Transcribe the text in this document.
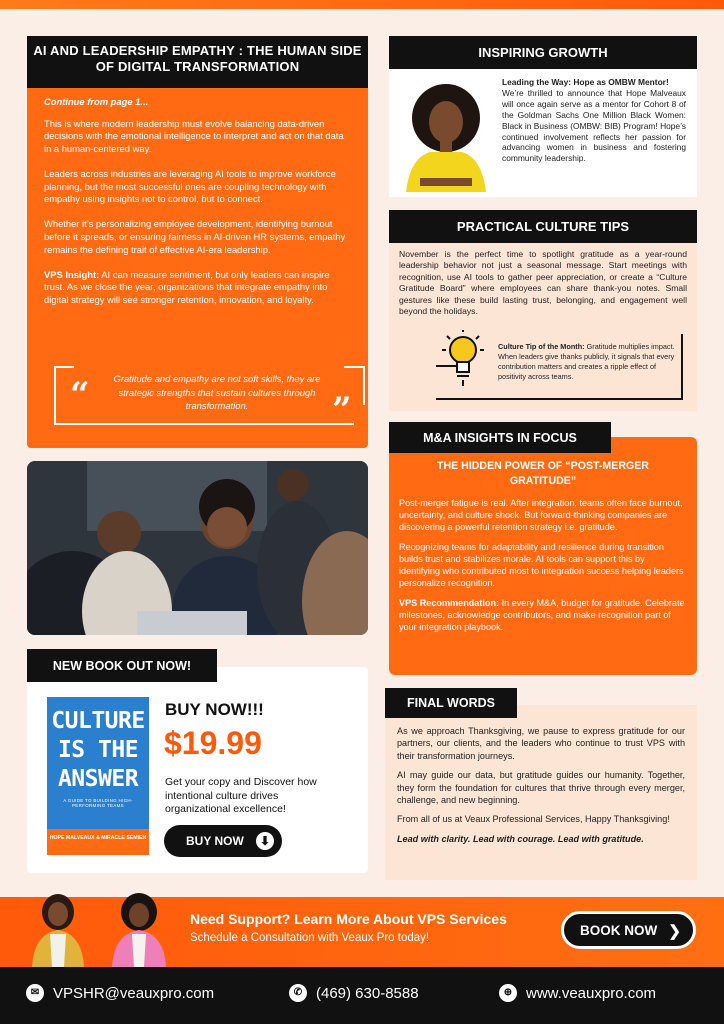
AI AND LEADERSHIP EMPATHY : THE HUMAN SIDE OF DIGITAL TRANSFORMATION

Continue from page 1...

This is where modern leadership must evolve balancing data-driven decisions with the emotional intelligence to interpret and act on that data in a human-centered way.

Leaders across industries are leveraging AI tools to improve workforce planning, but the most successful ones are coupling technology with empathy using insights not to control, but to connect.

Whether it’s personalizing employee development, identifying burnout before it spreads, or ensuring fairness in AI-driven HR systems, empathy remains the defining trait of effective AI-era leadership.

VPS Insight: AI can measure sentiment, but only leaders can inspire trust. As we close the year, organizations that integrate empathy into digital strategy will see stronger retention, innovation, and loyalty.

“	Gratitude and empathy are not soft skills, they are strategic strengths that sustain cultures through transformation.	”
NEW BOOK OUT NOW!
CULTURE
IS THE
ANSWER
A GUIDE TO BUILDING HIGH-PERFORMING TEAMS
HOPE MALVEAUX & MIRACLE SEMIEN
BUY NOW!!!
$19.99
Get your copy and Discover how intentional culture drives organizational excellence!
BUY NOW	⬇
INSPIRING GROWTH
Leading the Way: Hope as OMBW Mentor!
We’re thrilled to announce that Hope Malveaux will once again serve as a mentor for Cohort 8 of the Goldman Sachs One Million Black Women: Black in Business (OMBW: BIB) Program! Hope’s continued involvement reflects her passion for advancing women in business and fostering community leadership.
PRACTICAL CULTURE TIPS
November is the perfect time to spotlight gratitude as a year-round leadership behavior not just a seasonal message. Start meetings with recognition, use AI tools to gather peer appreciation, or create a “Culture Gratitude Board” where employees can share thank-you notes. Small gestures like these build lasting trust, belonging, and engagement well beyond the holidays.
Culture Tip of the Month: Gratitude multiplies impact. When leaders give thanks publicly, it signals that every contribution matters and creates a ripple effect of positivity across teams.
M&A INSIGHTS IN FOCUS
THE HIDDEN POWER OF “POST-MERGER GRATITUDE”

Post-merger fatigue is real. After integration, teams often face burnout, uncertainty, and culture shock. But forward-thinking companies are discovering a powerful retention strategy i.e. gratitude.

Recognizing teams for adaptability and resilience during transition builds trust and stabilizes morale. AI tools can support this by identifying who contributed most to integration success helping leaders personalize recognition.

VPS Recommendation: In every M&A, budget for gratitude. Celebrate milestones, acknowledge contributors, and make recognition part of your integration playbook.

FINAL WORDS

As we approach Thanksgiving, we pause to express gratitude for our partners, our clients, and the leaders who continue to trust VPS with their transformation journeys.

AI may guide our data, but gratitude guides our humanity. Together, they form the foundation for cultures that thrive through every merger, challenge, and new beginning.

From all of us at Veaux Professional Services, Happy Thanksgiving!

Lead with clarity. Lead with courage. Lead with gratitude.

Need Support? Learn More About VPS Services
Schedule a Consultation with Veaux Pro today!
BOOK NOW ❯
✉ VPSHR@veauxpro.com	✆ (469) 630-8588	⊕ www.veauxpro.com
